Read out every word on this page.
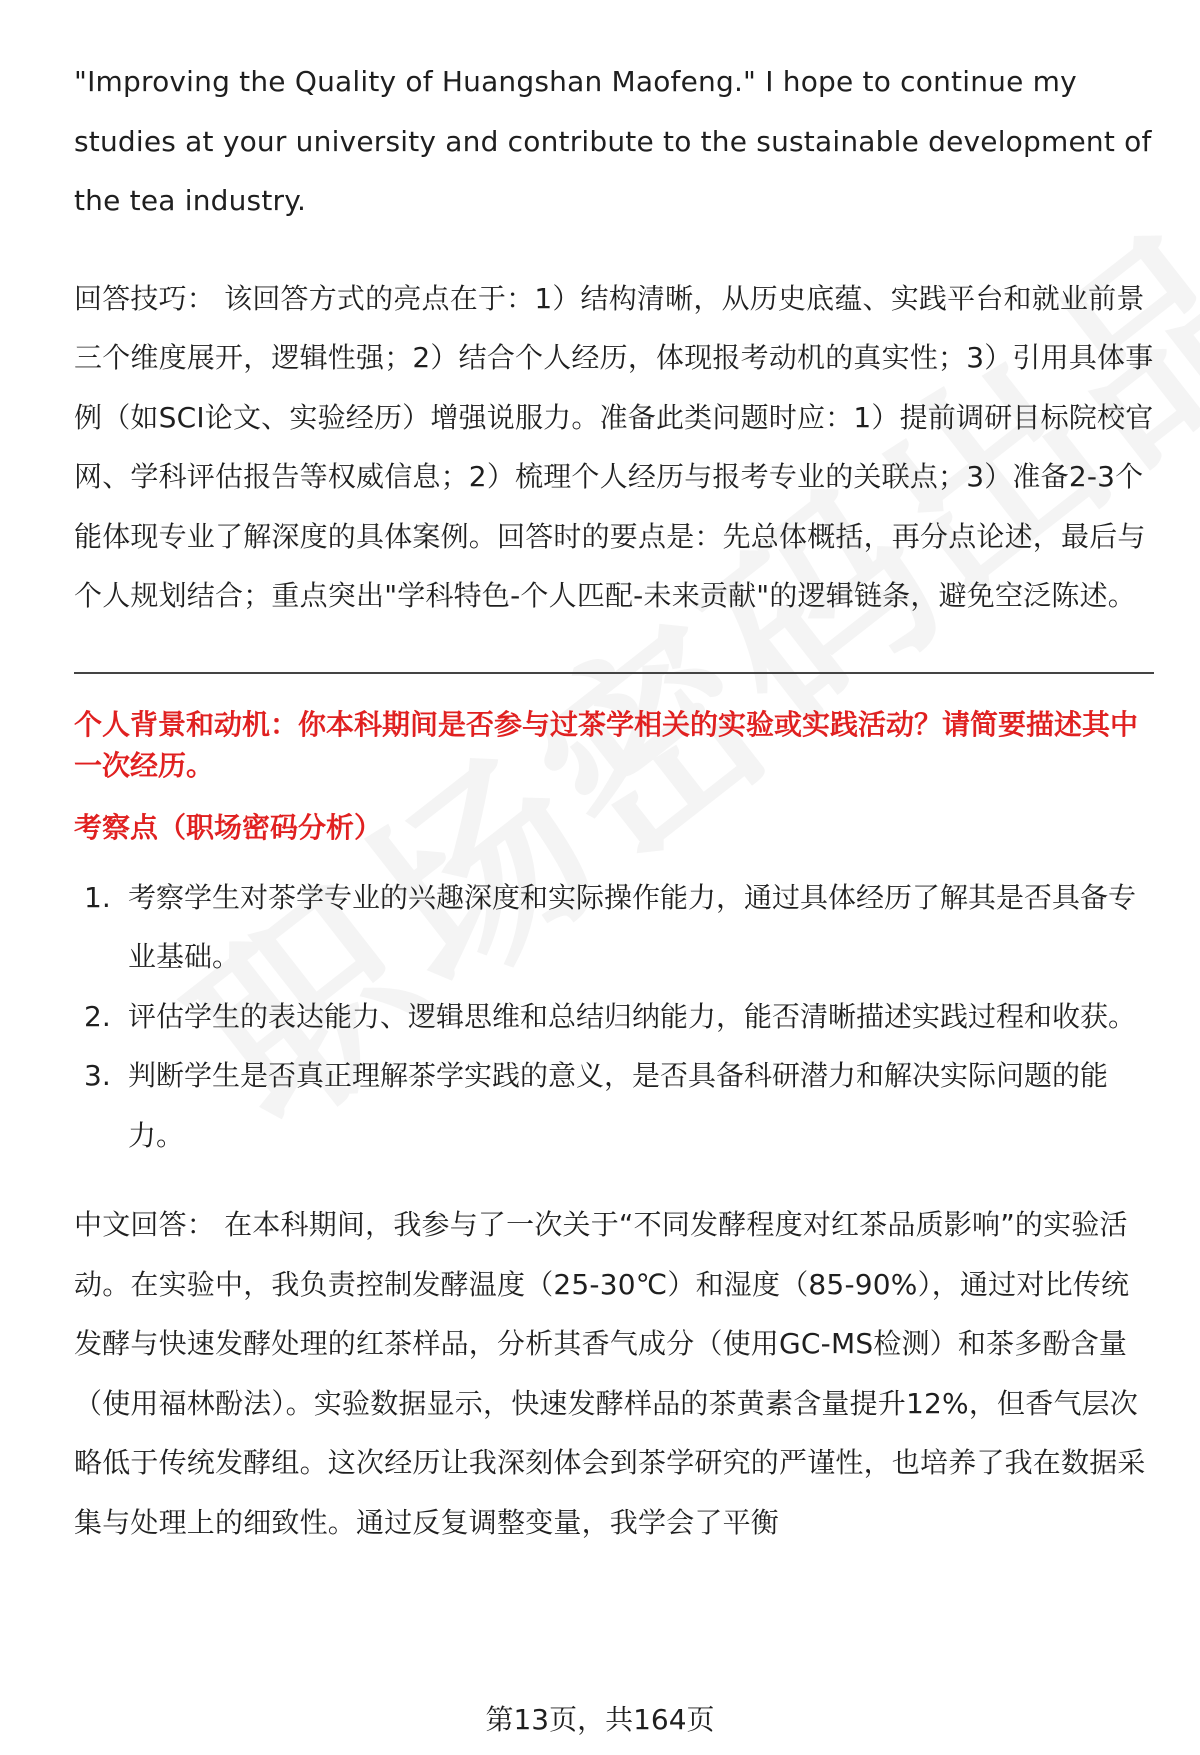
"Improving the Quality of Huangshan Maofeng." I hope to continue my studies at your university and contribute to the sustainable development of the tea industry.

回答技巧： 该回答方式的亮点在于：1）结构清晰，从历史底蕴、实践平台和就业前景三个维度展开，逻辑性强；2）结合个人经历，体现报考动机的真实性；3）引用具体事例（如SCI论文、实验经历）增强说服力。准备此类问题时应：1）提前调研目标院校官网、学科评估报告等权威信息；2）梳理个人经历与报考专业的关联点；3）准备2-3个能体现专业了解深度的具体案例。回答时的要点是：先总体概括，再分点论述，最后与个人规划结合；重点突出"学科特色-个人匹配-未来贡献"的逻辑链条，避免空泛陈述。

个人背景和动机：你本科期间是否参与过茶学相关的实验或实践活动？请简要描述其中一次经历。
考察点（职场密码分析）
1. 考察学生对茶学专业的兴趣深度和实际操作能力，通过具体经历了解其是否具备专业基础。
2. 评估学生的表达能力、逻辑思维和总结归纳能力，能否清晰描述实践过程和收获。
3. 判断学生是否真正理解茶学实践的意义，是否具备科研潜力和解决实际问题的能力。

中文回答： 在本科期间，我参与了一次关于“不同发酵程度对红茶品质影响”的实验活动。在实验中，我负责控制发酵温度（25-30℃）和湿度（85-90%），通过对比传统发酵与快速发酵处理的红茶样品，分析其香气成分（使用GC-MS检测）和茶多酚含量（使用福林酚法）。实验数据显示，快速发酵样品的茶黄素含量提升12%，但香气层次略低于传统发酵组。这次经历让我深刻体会到茶学研究的严谨性，也培养了我在数据采集与处理上的细致性。通过反复调整变量，我学会了平衡

第13页，共164页
